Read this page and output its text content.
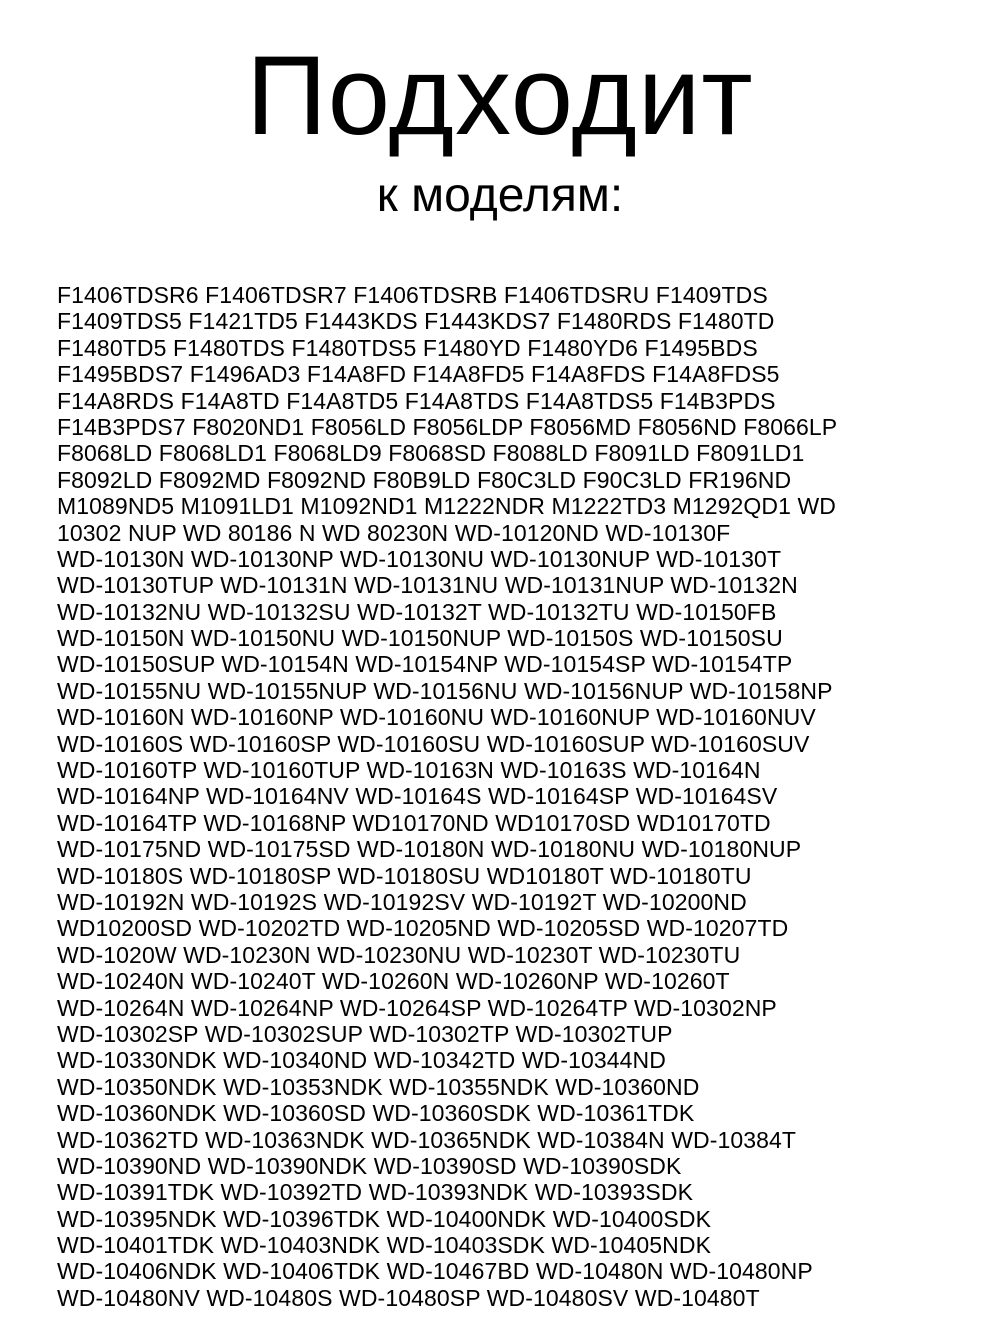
Подходит
к моделям:
F1406TDSR6 F1406TDSR7 F1406TDSRB F1406TDSRU F1409TDS
F1409TDS5 F1421TD5 F1443KDS F1443KDS7 F1480RDS F1480TD
F1480TD5 F1480TDS F1480TDS5 F1480YD F1480YD6 F1495BDS
F1495BDS7 F1496AD3 F14A8FD F14A8FD5 F14A8FDS F14A8FDS5
F14A8RDS F14A8TD F14A8TD5 F14A8TDS F14A8TDS5 F14B3PDS
F14B3PDS7 F8020ND1 F8056LD F8056LDP F8056MD F8056ND F8066LP
F8068LD F8068LD1 F8068LD9 F8068SD F8088LD F8091LD F8091LD1
F8092LD F8092MD F8092ND F80B9LD F80C3LD F90C3LD FR196ND
M1089ND5 M1091LD1 M1092ND1 M1222NDR M1222TD3 M1292QD1 WD
10302 NUP WD 80186 N WD 80230N WD-10120ND WD-10130F
WD-10130N WD-10130NP WD-10130NU WD-10130NUP WD-10130T
WD-10130TUP WD-10131N WD-10131NU WD-10131NUP WD-10132N
WD-10132NU WD-10132SU WD-10132T WD-10132TU WD-10150FB
WD-10150N WD-10150NU WD-10150NUP WD-10150S WD-10150SU
WD-10150SUP WD-10154N WD-10154NP WD-10154SP WD-10154TP
WD-10155NU WD-10155NUP WD-10156NU WD-10156NUP WD-10158NP
WD-10160N WD-10160NP WD-10160NU WD-10160NUP WD-10160NUV
WD-10160S WD-10160SP WD-10160SU WD-10160SUP WD-10160SUV
WD-10160TP WD-10160TUP WD-10163N WD-10163S WD-10164N
WD-10164NP WD-10164NV WD-10164S WD-10164SP WD-10164SV
WD-10164TP WD-10168NP WD10170ND WD10170SD WD10170TD
WD-10175ND WD-10175SD WD-10180N WD-10180NU WD-10180NUP
WD-10180S WD-10180SP WD-10180SU WD10180T WD-10180TU
WD-10192N WD-10192S WD-10192SV WD-10192T WD-10200ND
WD10200SD WD-10202TD WD-10205ND WD-10205SD WD-10207TD
WD-1020W WD-10230N WD-10230NU WD-10230T WD-10230TU
WD-10240N WD-10240T WD-10260N WD-10260NP WD-10260T
WD-10264N WD-10264NP WD-10264SP WD-10264TP WD-10302NP
WD-10302SP WD-10302SUP WD-10302TP WD-10302TUP
WD-10330NDK WD-10340ND WD-10342TD WD-10344ND
WD-10350NDK WD-10353NDK WD-10355NDK WD-10360ND
WD-10360NDK WD-10360SD WD-10360SDK WD-10361TDK
WD-10362TD WD-10363NDK WD-10365NDK WD-10384N WD-10384T
WD-10390ND WD-10390NDK WD-10390SD WD-10390SDK
WD-10391TDK WD-10392TD WD-10393NDK WD-10393SDK
WD-10395NDK WD-10396TDK WD-10400NDK WD-10400SDK
WD-10401TDK WD-10403NDK WD-10403SDK WD-10405NDK
WD-10406NDK WD-10406TDK WD-10467BD WD-10480N WD-10480NP
WD-10480NV WD-10480S WD-10480SP WD-10480SV WD-10480T
